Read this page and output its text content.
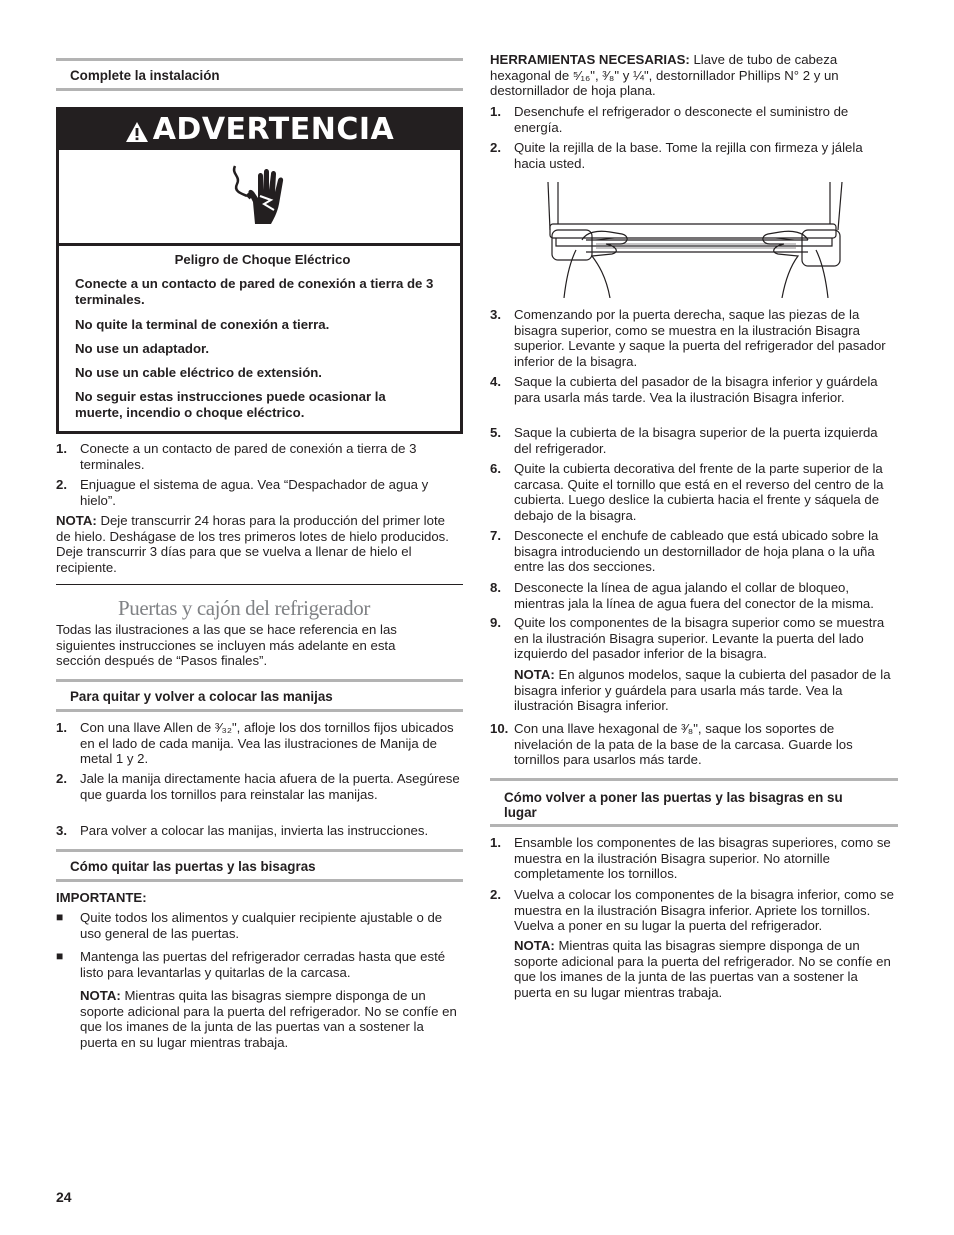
Complete la instalación
ADVERTENCIA
Peligro de Choque Eléctrico
Conecte a un contacto de pared de conexión a tierra de 3 terminales.
No quite la terminal de conexión a tierra.
No use un adaptador.
No use un cable eléctrico de extensión.
No seguir estas instrucciones puede ocasionar la muerte, incendio o choque eléctrico.
1. Conecte a un contacto de pared de conexión a tierra de 3 terminales.
2. Enjuague el sistema de agua. Vea “Despachador de agua y hielo”.
NOTA: Deje transcurrir 24 horas para la producción del primer lote de hielo. Deshágase de los tres primeros lotes de hielo producidos. Deje transcurrir 3 días para que se vuelva a llenar de hielo el recipiente.
Puertas y cajón del refrigerador
Todas las ilustraciones a las que se hace referencia en las siguientes instrucciones se incluyen más adelante en esta sección después de “Pasos finales”.
Para quitar y volver a colocar las manijas
1. Con una llave Allen de ³⁄₃₂", afloje los dos tornillos fijos ubicados en el lado de cada manija. Vea las ilustraciones de Manija de metal 1 y 2.
2. Jale la manija directamente hacia afuera de la puerta. Asegúrese que guarda los tornillos para reinstalar las manijas.
3. Para volver a colocar las manijas, invierta las instrucciones.
Cómo quitar las puertas y las bisagras
IMPORTANTE:
■ Quite todos los alimentos y cualquier recipiente ajustable o de uso general de las puertas.
■ Mantenga las puertas del refrigerador cerradas hasta que esté listo para levantarlas y quitarlas de la carcasa.
NOTA: Mientras quita las bisagras siempre disponga de un soporte adicional para la puerta del refrigerador. No se confíe en que los imanes de la junta de las puertas van a sostener la puerta en su lugar mientras trabaja.
24
HERRAMIENTAS NECESARIAS: Llave de tubo de cabeza hexagonal de ⁵⁄₁₆", ³⁄₈" y ¼", destornillador Phillips N° 2 y un destornillador de hoja plana.
1. Desenchufe el refrigerador o desconecte el suministro de energía.
2. Quite la rejilla de la base. Tome la rejilla con firmeza y jálela hacia usted.
3. Comenzando por la puerta derecha, saque las piezas de la bisagra superior, como se muestra en la ilustración Bisagra superior. Levante y saque la puerta del refrigerador del pasador inferior de la bisagra.
4. Saque la cubierta del pasador de la bisagra inferior y guárdela para usarla más tarde. Vea la ilustración Bisagra inferior.
5. Saque la cubierta de la bisagra superior de la puerta izquierda del refrigerador.
6. Quite la cubierta decorativa del frente de la parte superior de la carcasa. Quite el tornillo que está en el reverso del centro de la cubierta. Luego deslice la cubierta hacia el frente y sáquela de debajo de la bisagra.
7. Desconecte el enchufe de cableado que está ubicado sobre la bisagra introduciendo un destornillador de hoja plana o la uña entre las dos secciones.
8. Desconecte la línea de agua jalando el collar de bloqueo, mientras jala la línea de agua fuera del conector de la misma.
9. Quite los componentes de la bisagra superior como se muestra en la ilustración Bisagra superior. Levante la puerta del lado izquierdo del pasador inferior de la bisagra.
NOTA: En algunos modelos, saque la cubierta del pasador de la bisagra inferior y guárdela para usarla más tarde. Vea la ilustración Bisagra inferior.
10. Con una llave hexagonal de ³⁄₈", saque los soportes de nivelación de la pata de la base de la carcasa. Guarde los tornillos para usarlos más tarde.
Cómo volver a poner las puertas y las bisagras en su lugar
1. Ensamble los componentes de las bisagras superiores, como se muestra en la ilustración Bisagra superior. No atornille completamente los tornillos.
2. Vuelva a colocar los componentes de la bisagra inferior, como se muestra en la ilustración Bisagra inferior. Apriete los tornillos. Vuelva a poner en su lugar la puerta del refrigerador.
NOTA: Mientras quita las bisagras siempre disponga de un soporte adicional para la puerta del refrigerador. No se confíe en que los imanes de la junta de las puertas van a sostener la puerta en su lugar mientras trabaja.
